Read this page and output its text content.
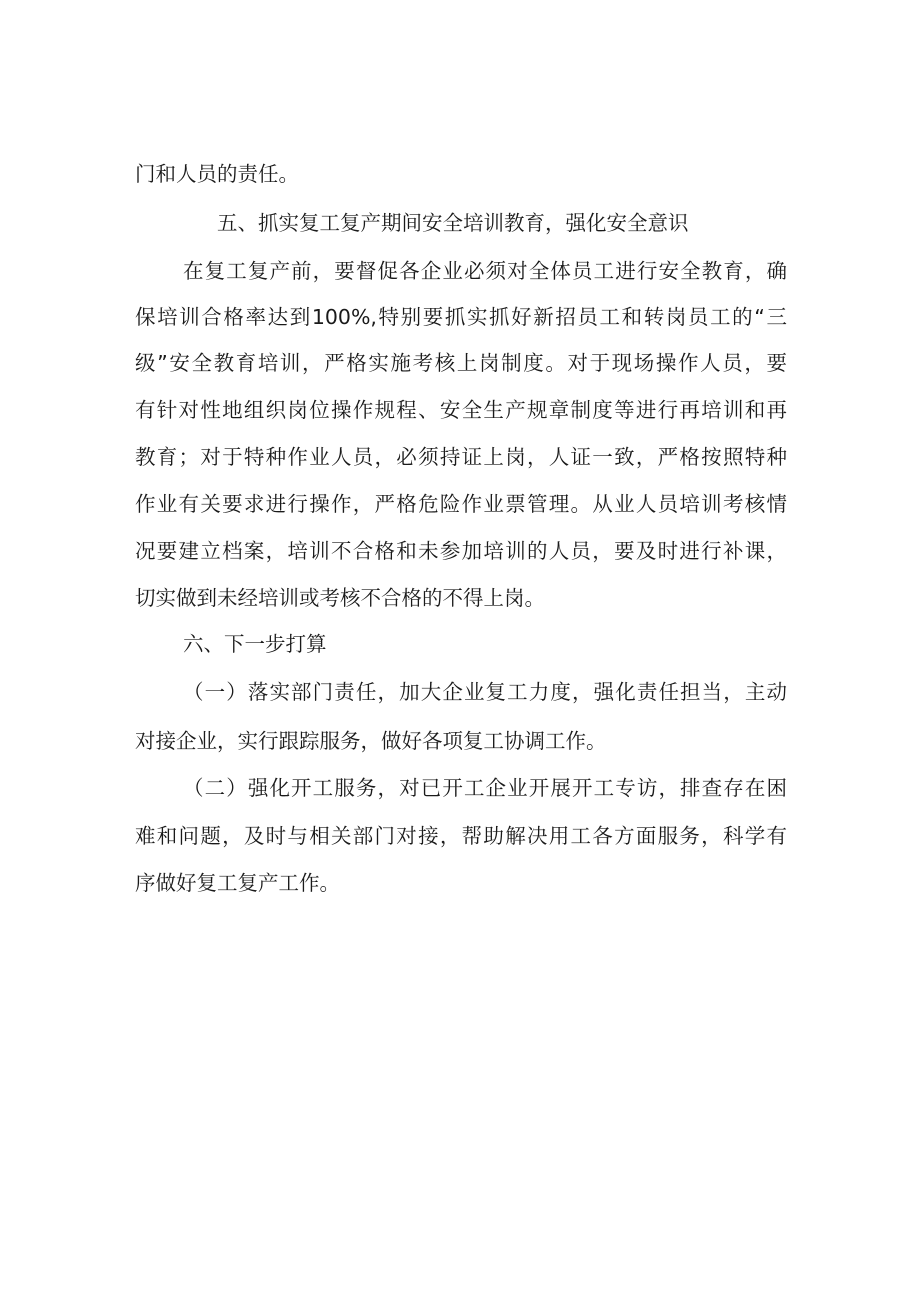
门和人员的责任。
五、抓实复工复产期间安全培训教育，强化安全意识
在复工复产前，要督促各企业必须对全体员工进行安全教育，确
保培训合格率达到100%,特别要抓实抓好新招员工和转岗员工的“三
级”安全教育培训，严格实施考核上岗制度。对于现场操作人员，要
有针对性地组织岗位操作规程、安全生产规章制度等进行再培训和再
教育；对于特种作业人员，必须持证上岗，人证一致，严格按照特种
作业有关要求进行操作，严格危险作业票管理。从业人员培训考核情
况要建立档案，培训不合格和未参加培训的人员，要及时进行补课，
切实做到未经培训或考核不合格的不得上岗。
六、下一步打算
（一）落实部门责任，加大企业复工力度，强化责任担当，主动
对接企业，实行跟踪服务，做好各项复工协调工作。
（二）强化开工服务，对已开工企业开展开工专访，排查存在困
难和问题，及时与相关部门对接，帮助解决用工各方面服务，科学有
序做好复工复产工作。
